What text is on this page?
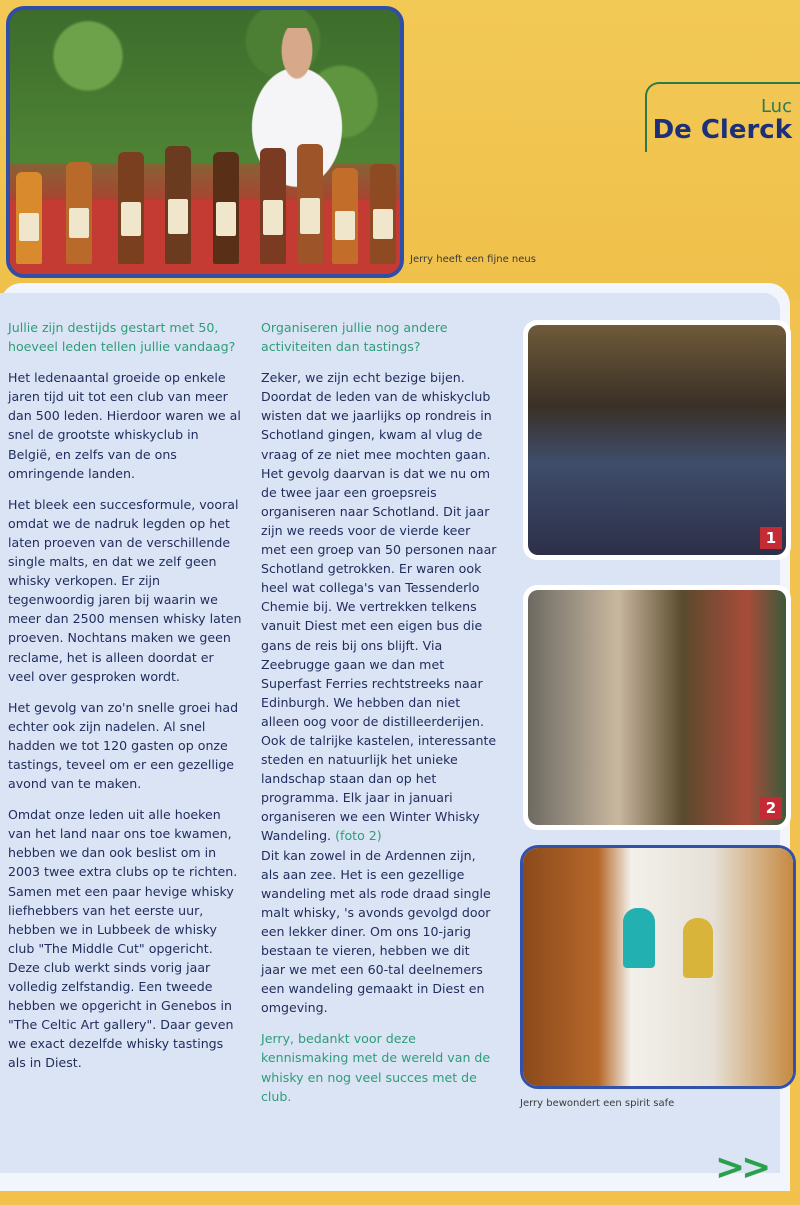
Jerry heeft een fijne neus
Luc
De Clerck

Jullie zijn destijds gestart met 50, hoeveel leden tellen jullie vandaag?

Het ledenaantal groeide op enkele jaren tijd uit tot een club van meer dan 500 leden. Hierdoor waren we al snel de grootste whiskyclub in België, en zelfs van de ons omringende landen.

Het bleek een succesformule, vooral omdat we de nadruk legden op het laten proeven van de verschillende single malts, en dat we zelf geen whisky verkopen. Er zijn tegenwoordig jaren bij waarin we meer dan 2500 mensen whisky laten proeven. Nochtans maken we geen reclame, het is alleen doordat er veel over gesproken wordt.

Het gevolg van zo'n snelle groei had echter ook zijn nadelen. Al snel hadden we tot 120 gasten op onze tastings, teveel om er een gezellige avond van te maken.

Omdat onze leden uit alle hoeken van het land naar ons toe kwamen, hebben we dan ook beslist om in 2003 twee extra clubs op te richten. Samen met een paar hevige whisky liefhebbers van het eerste uur, hebben we in Lubbeek de whisky club "The Middle Cut" opgericht. Deze club werkt sinds vorig jaar volledig zelfstandig. Een tweede hebben we opgericht in Genebos in "The Celtic Art gallery". Daar geven we exact dezelfde whisky tastings als in Diest.

Organiseren jullie nog andere activiteiten dan tastings?

Zeker, we zijn echt bezige bijen. Doordat de leden van de whiskyclub wisten dat we jaarlijks op rondreis in Schotland gingen, kwam al vlug de vraag of ze niet mee mochten gaan. Het gevolg daarvan is dat we nu om de twee jaar een groepsreis organiseren naar Schotland. Dit jaar zijn we reeds voor de vierde keer met een groep van 50 personen naar Schotland getrokken. Er waren ook heel wat collega's van Tessenderlo Chemie bij. We vertrekken telkens vanuit Diest met een eigen bus die gans de reis bij ons blijft. Via Zeebrugge gaan we dan met Superfast Ferries rechtstreeks naar Edinburgh. We hebben dan niet alleen oog voor de distilleerderijen. Ook de talrijke kastelen, interessante steden en natuurlijk het unieke landschap staan dan op het programma. Elk jaar in januari organiseren we een Winter Whisky Wandeling. (foto 2)

Dit kan zowel in de Ardennen zijn, als aan zee. Het is een gezellige wandeling met als rode draad single malt whisky, 's avonds gevolgd door een lekker diner. Om ons 10-jarig bestaan te vieren, hebben we dit jaar we met een 60-tal deelnemers een wandeling gemaakt in Diest en omgeving.

Jerry, bedankt voor deze kennismaking met de wereld van de whisky en nog veel succes met de club.

1
2
Jerry bewondert een spirit safe
>>
